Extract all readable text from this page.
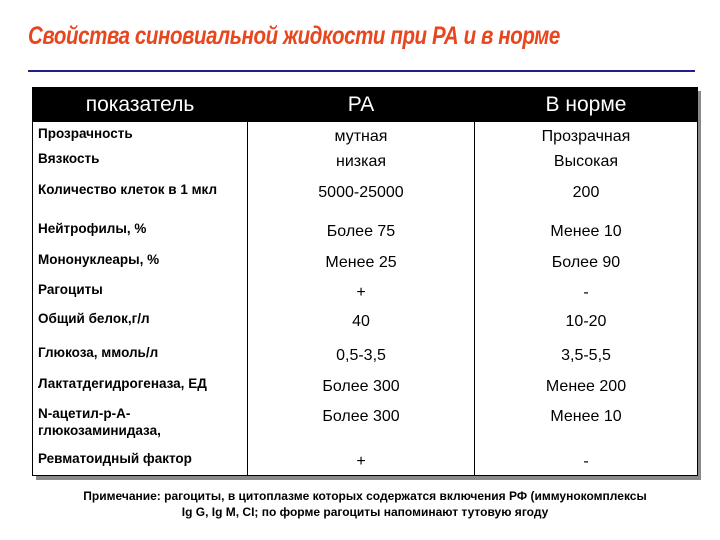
Свойства синовиальной жидкости при РА и в норме
показатель	РА	В норме
Прозрачность	мутная	Прозрачная
Вязкость	низкая	Высокая
Количество клеток в 1 мкл	5000-25000	200
Нейтрофилы, %	Более 75	Менее 10
Мононуклеары, %	Менее 25	Более 90
Рагоциты	+	-
Общий белок,г/л	40	10-20
Глюкоза, ммоль/л	0,5-3,5	3,5-5,5
Лактатдегидрогеназа, ЕД	Более 300	Менее 200
N-ацетил-р-А-глюкозаминидаза,	Более 300	Менее 10
Ревматоидный фактор	+	-
Примечание: рагоциты, в цитоплазме которых содержатся включения РФ (иммунокомплексы
Ig G, Ig M, CI; по форме рагоциты напоминают тутовую ягоду
